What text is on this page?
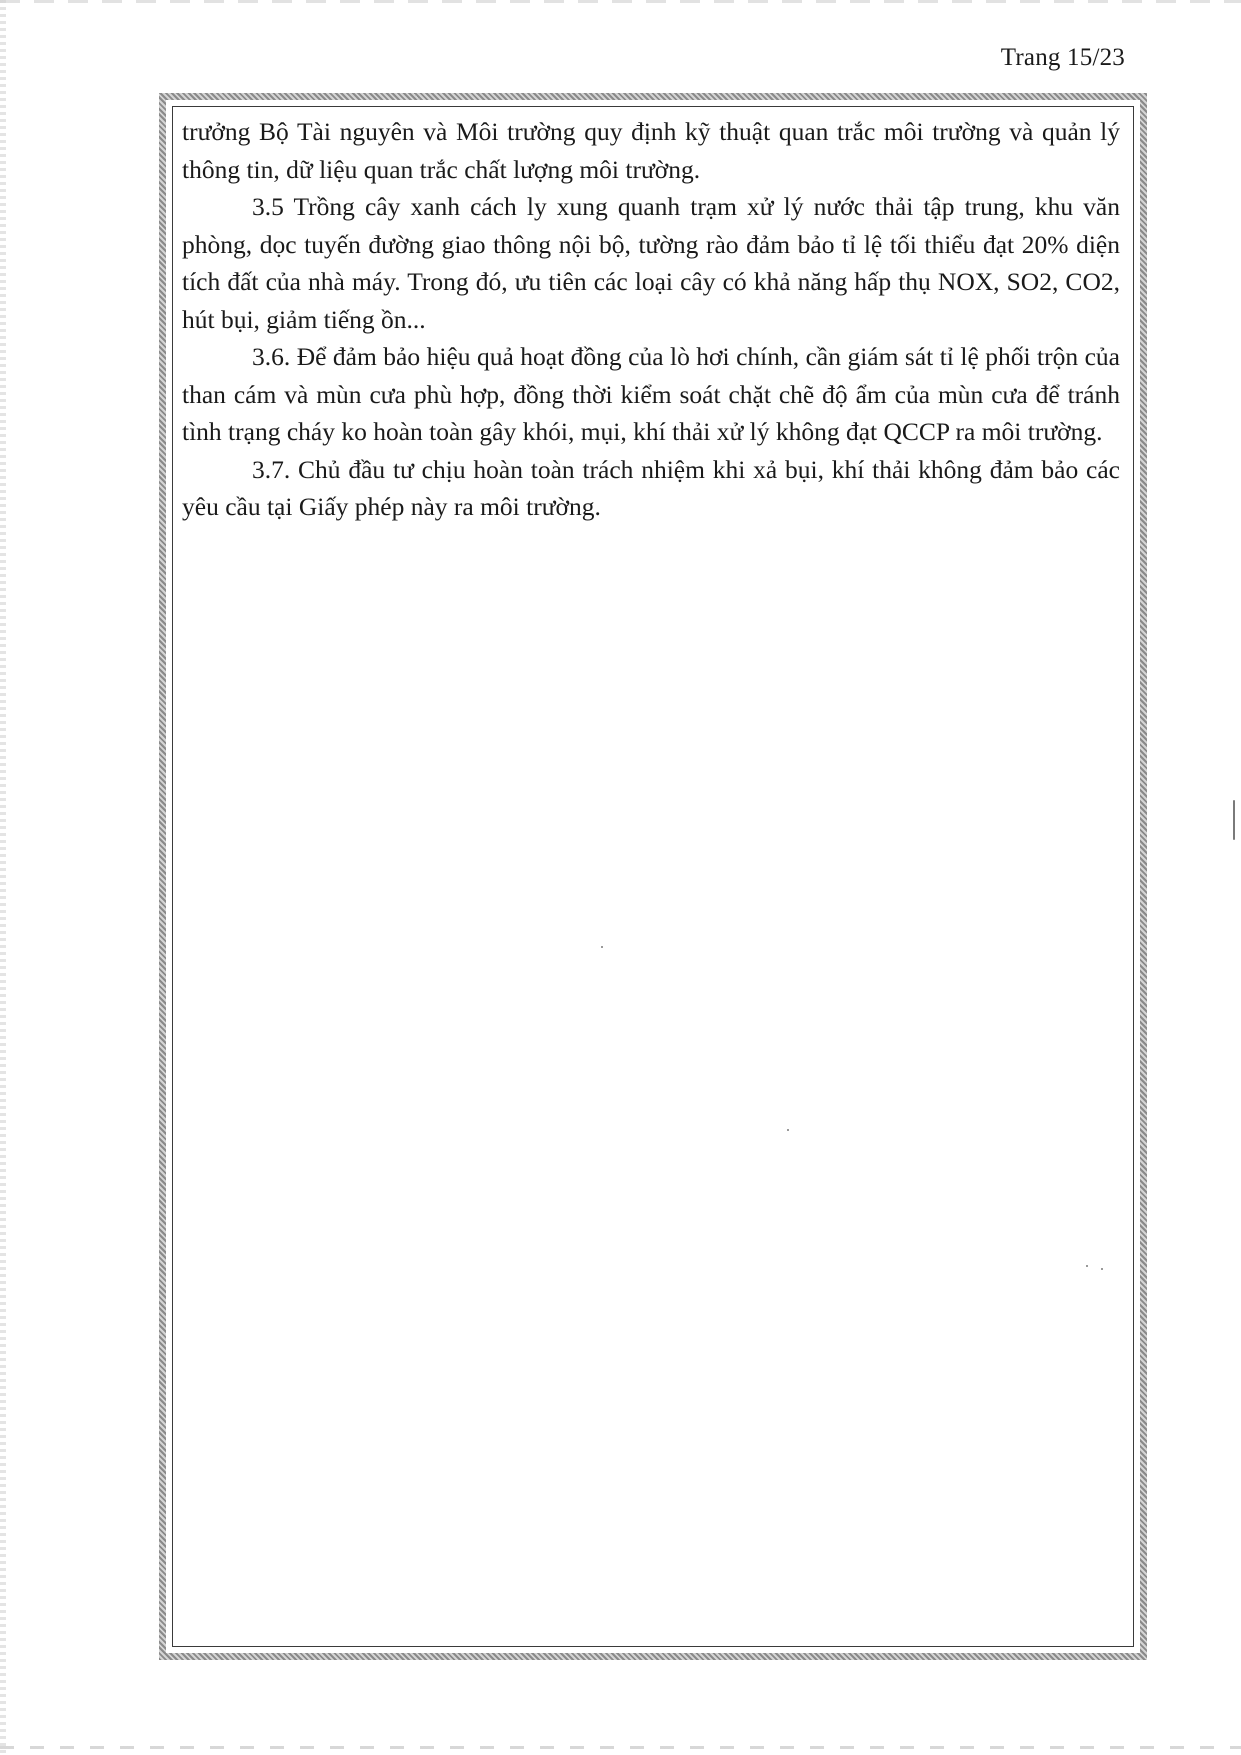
Trang 15/23

trưởng Bộ Tài nguyên và Môi trường quy định kỹ thuật quan trắc môi trường và quản lý thông tin, dữ liệu quan trắc chất lượng môi trường.

3.5 Trồng cây xanh cách ly xung quanh trạm xử lý nước thải tập trung, khu văn phòng, dọc tuyến đường giao thông nội bộ, tường rào đảm bảo tỉ lệ tối thiểu đạt 20% diện tích đất của nhà máy. Trong đó, ưu tiên các loại cây có khả năng hấp thụ NOX, SO2, CO2, hút bụi, giảm tiếng ồn...

3.6. Để đảm bảo hiệu quả hoạt đồng của lò hơi chính, cần giám sát tỉ lệ phối trộn của than cám và mùn cưa phù hợp, đồng thời kiểm soát chặt chẽ độ ẩm của mùn cưa để tránh tình trạng cháy ko hoàn toàn gây khói, mụi, khí thải xử lý không đạt QCCP ra môi trường.

3.7. Chủ đầu tư chịu hoàn toàn trách nhiệm khi xả bụi, khí thải không đảm bảo các yêu cầu tại Giấy phép này ra môi trường.
